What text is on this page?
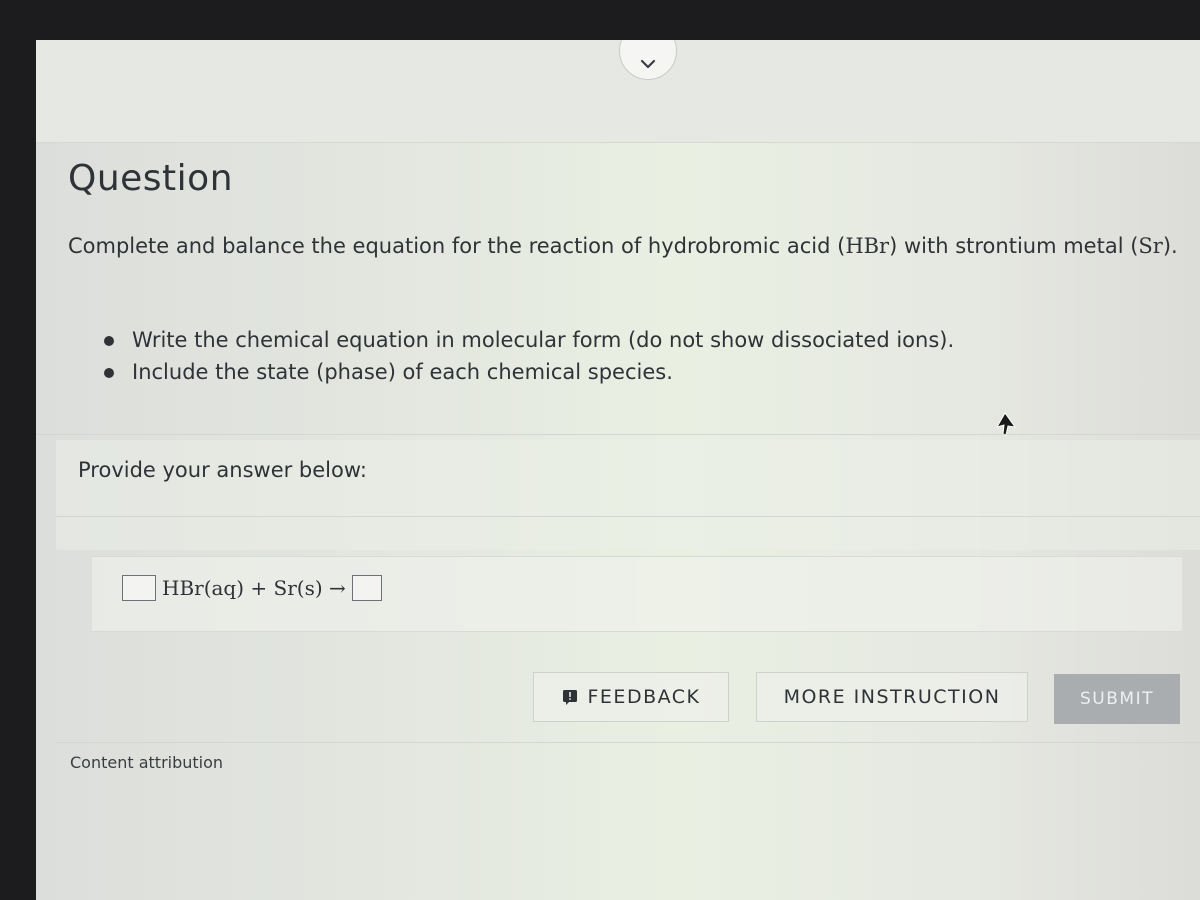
Question
Complete and balance the equation for the reaction of hydrobromic acid (HBr) with strontium metal (Sr).
Write the chemical equation in molecular form (do not show dissociated ions).
Include the state (phase) of each chemical species.
Provide your answer below:
HBr(aq) + Sr(s) →
FEEDBACK	MORE INSTRUCTION	SUBMIT
Content attribution
